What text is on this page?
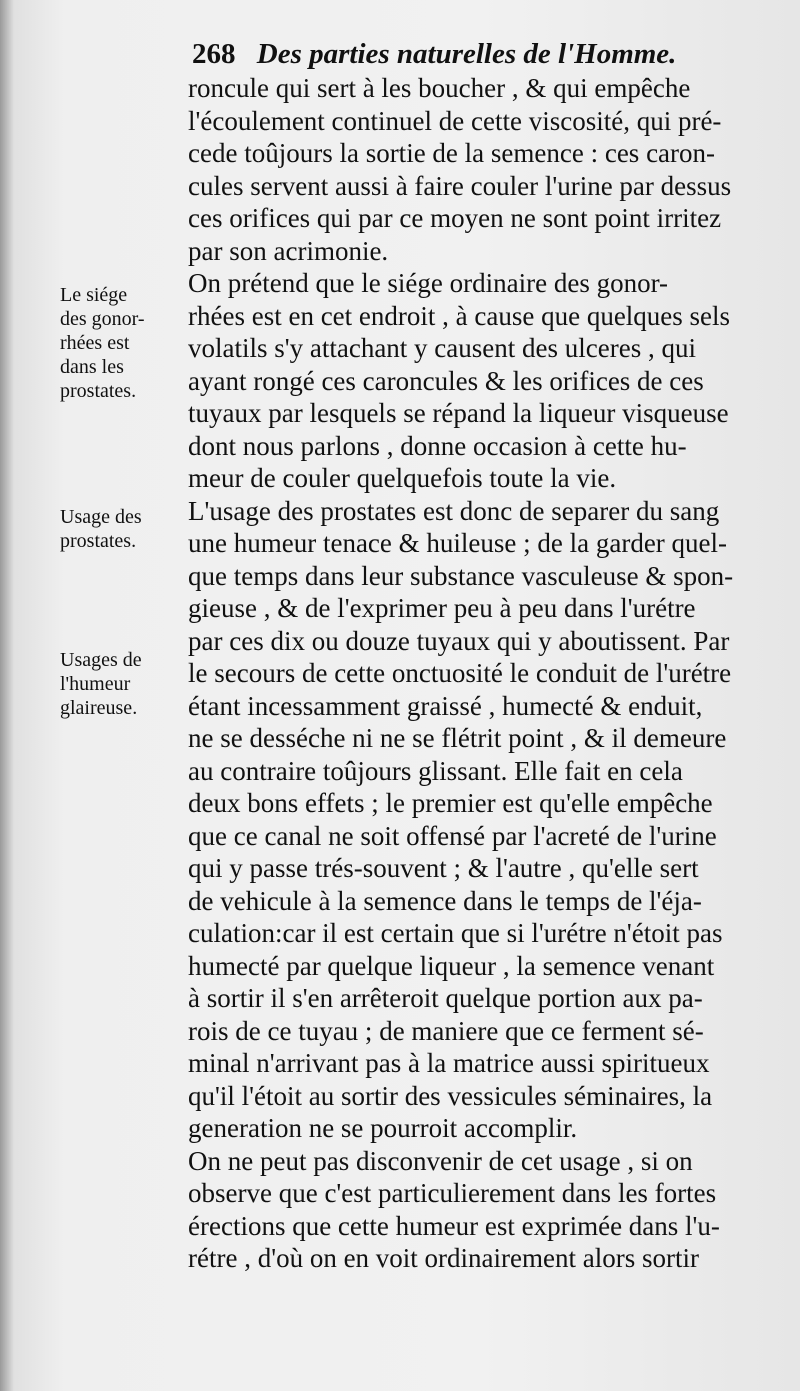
268 Des parties naturelles de l'Homme.
Le siége
des gonor-
rhées est
dans les
prostates.
Usage des
prostates.
Usages de
l'humeur
glaireuse.
roncule qui sert à les boucher , & qui empêche
l'écoulement continuel de cette viscosité, qui pré-
cede toûjours la sortie de la semence : ces caron-
cules servent aussi à faire couler l'urine par dessus
ces orifices qui par ce moyen ne sont point irritez
par son acrimonie.
On prétend que le siége ordinaire des gonor-
rhées est en cet endroit , à cause que quelques sels
volatils s'y attachant y causent des ulceres , qui
ayant rongé ces caroncules & les orifices de ces
tuyaux par lesquels se répand la liqueur visqueuse
dont nous parlons , donne occasion à cette hu-
meur de couler quelquefois toute la vie.
L'usage des prostates est donc de separer du sang
une humeur tenace & huileuse ; de la garder quel-
que temps dans leur substance vasculeuse & spon-
gieuse , & de l'exprimer peu à peu dans l'urétre
par ces dix ou douze tuyaux qui y aboutissent. Par
le secours de cette onctuosité le conduit de l'urétre
étant incessamment graissé , humecté & enduit,
ne se desséche ni ne se flétrit point , & il demeure
au contraire toûjours glissant. Elle fait en cela
deux bons effets ; le premier est qu'elle empêche
que ce canal ne soit offensé par l'acreté de l'urine
qui y passe trés-souvent ; & l'autre , qu'elle sert
de vehicule à la semence dans le temps de l'éja-
culation:car il est certain que si l'urétre n'étoit pas
humecté par quelque liqueur , la semence venant
à sortir il s'en arrêteroit quelque portion aux pa-
rois de ce tuyau ; de maniere que ce ferment sé-
minal n'arrivant pas à la matrice aussi spiritueux
qu'il l'étoit au sortir des vessicules séminaires, la
generation ne se pourroit accomplir.
On ne peut pas disconvenir de cet usage , si on
observe que c'est particulierement dans les fortes
érections que cette humeur est exprimée dans l'u-
rétre , d'où on en voit ordinairement alors sortir
